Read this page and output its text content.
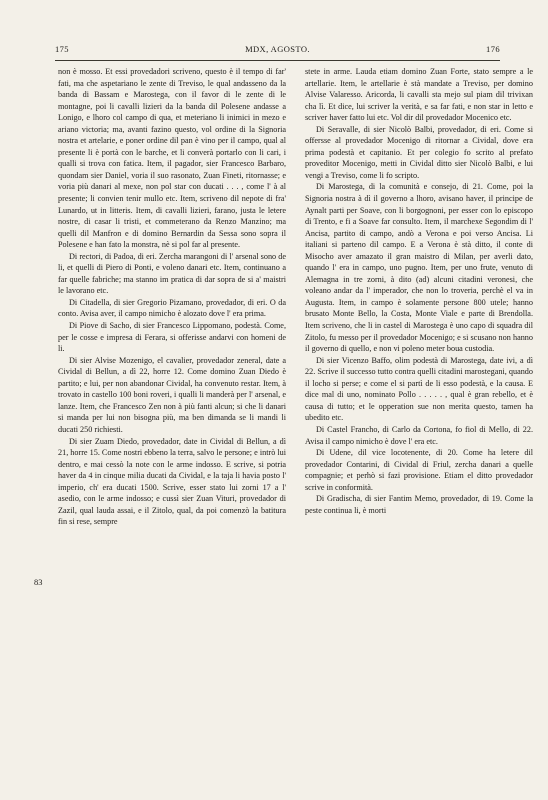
175	MDX, AGOSTO.	176
83

non è mosso. Et essi provedadori scriveno, questo è il tempo di far' fati, ma che aspetariano le zente di Treviso, le qual andasseno da la banda di Bassam e Marostega, con il favor di le zente di le montagne, poi li cavalli lizieri da la banda dil Polesene andasse a Lonigo, e lhoro col campo di qua, et meteriano li inimici in mezo e ariano victoria; ma, avanti fazino questo, vol ordine di la Signoria nostra et artelarie, e poner ordine dil pan è vino per il campo, qual al presente li è portà con le barche, et li converà portarlo con li cari, i qualli si trova con fatica. Item, il pagador, sier Francesco Barbaro, quondam sier Daniel, voria il suo rasonato, Zuan Fineti, ritornasse; e voria più danari al mexe, non pol star con ducati . . . , come l' à al presente; li convien tenir mullo etc. Item, scriveno dil nepote di fra' Lunardo, ut in litteris. Item, di cavalli lizieri, farano, justa le letere nostre, di casar li tristi, et commeterano da Renzo Manzino; ma quelli dil Manfron e di domino Bernardin da Sessa sono sopra il Polesene e han fato la monstra, nè si pol far al presente.

Di rectori, di Padoa, di eri. Zercha marangoni di l' arsenal sono de li, et quelli di Piero di Ponti, e voleno danari etc. Item, continuano a far quelle fabriche; ma stanno im pratica di dar sopra de si a' maistri le lavorano etc.

Di Citadella, di sier Gregorio Pizamano, provedador, di eri. O da conto. Avisa aver, il campo nimicho è alozato dove l' era prima.

Di Piove di Sacho, di sier Francesco Lippomano, podestà. Come, per le cosse e impresa di Ferara, si offerisse andarvi con homeni de li.

Di sier Alvise Mozenigo, el cavalier, provedador zeneral, date a Cividal di Bellun, a dì 22, horre 12. Come domino Zuan Diedo è partito; e lui, per non abandonar Cividal, ha convenuto restar. Item, à trovato in castello 100 boni roveri, i qualli li manderà per l' arsenal, e lanze. Item, che Francesco Zen non à più fanti alcun; si che li danari si manda per lui non bisogna più, ma ben dimanda se li mandi li ducati 250 richiesti.

Di sier Zuam Diedo, provedador, date in Cividal di Bellun, a dì 21, horre 15. Come nostri ebbeno la terra, salvo le persone; e intrò lui dentro, e mai cessò la note con le arme indosso. E scrive, si potria haver da 4 in cinque milia ducati da Cividal, e la taja li havia posto l' imperio, ch' era ducati 1500. Scrive, esser stato lui zorni 17 a l' asedio, con le arme indosso; e cussì sier Zuan Vituri, provedador di Zazil, qual lauda assai, e il Zitolo, qual, da poi comenzò la batitura fin si rese, sempre

stete in arme. Lauda etiam domino Zuan Forte, stato sempre a le artellarie. Item, le artellarie è stà mandate a Treviso, per domino Alvise Valaresso. Aricorda, li cavalli sta mejo sul piam dil trivixan cha lì. Et dice, lui scriver la verità, e sa far fati, e non star in letto e scriver haver fatto lui etc. Vol dir dil provedador Mocenico etc.

Di Seravalle, di sier Nicolò Balbi, provedador, di eri. Come si offersse al provedador Mocenigo di ritornar a Cividal, dove era prima podestà et capitanio. Et per colegio fo scrito al prefato proveditor Mocenigo, metti in Cividal ditto sier Nicolò Balbi, e lui vengi a Treviso, come li fo scripto.

Di Marostega, di la comunità e consejo, di 21. Come, poi la Signoria nostra à dì il governo a lhoro, avisano haver, il principe de Aynalt parti per Soave, con li borgognoni, per esser con lo episcopo di Trento, e fi a Soave far consulto. Item, il marchexe Segondim di l' Ancisa, partito di campo, andò a Verona e poi verso Ancisa. Li italiani si parteno dil campo. E a Verona è stà ditto, il conte di Misocho aver amazato il gran maistro di Milan, per averli dato, quando l' era in campo, uno pugno. Item, per uno frute, venuto di Alemagna in tre zorni, à dito (ad) alcuni citadini veronesi, che voleano andar da l' imperador, che non lo troveria, perchè el va in Augusta. Item, in campo è solamente persone 800 utele; hanno brusato Monte Bello, la Costa, Monte Viale e parte di Brendolla. Item scriveno, che li in castel di Marostega è uno capo di squadra dil Zitolo, fu messo per il provedador Mocenigo; e si scusano non hanno il governo di quello, e non vi poleno meter boua custodia.

Di sier Vicenzo Baffo, olim podestà di Marostega, date ivi, a dì 22. Scrive il successo tutto contra quelli citadini marostegani, quando il locho si perse; e come el si partì de li esso podestà, e la causa. E dice mal di uno, nominato Pollo . . . . . , qual è gran rebello, et è causa di tutto; et le opperation sue non merita questo, tamen ha ubedito etc.

Di Castel Francho, di Carlo da Cortona, fo fiol di Mello, di 22. Avisa il campo nimicho è dove l' era etc.

Di Udene, dil vice locotenente, di 20. Come ha letere dil provedador Contarini, di Cividal di Friul, zercha danari a quelle compagnie; et perhò si fazi provisione. Etiam el ditto provedador scrive in conformità.

Di Gradischa, di sier Fantim Memo, provedador, di 19. Come la peste continua li, è morti
